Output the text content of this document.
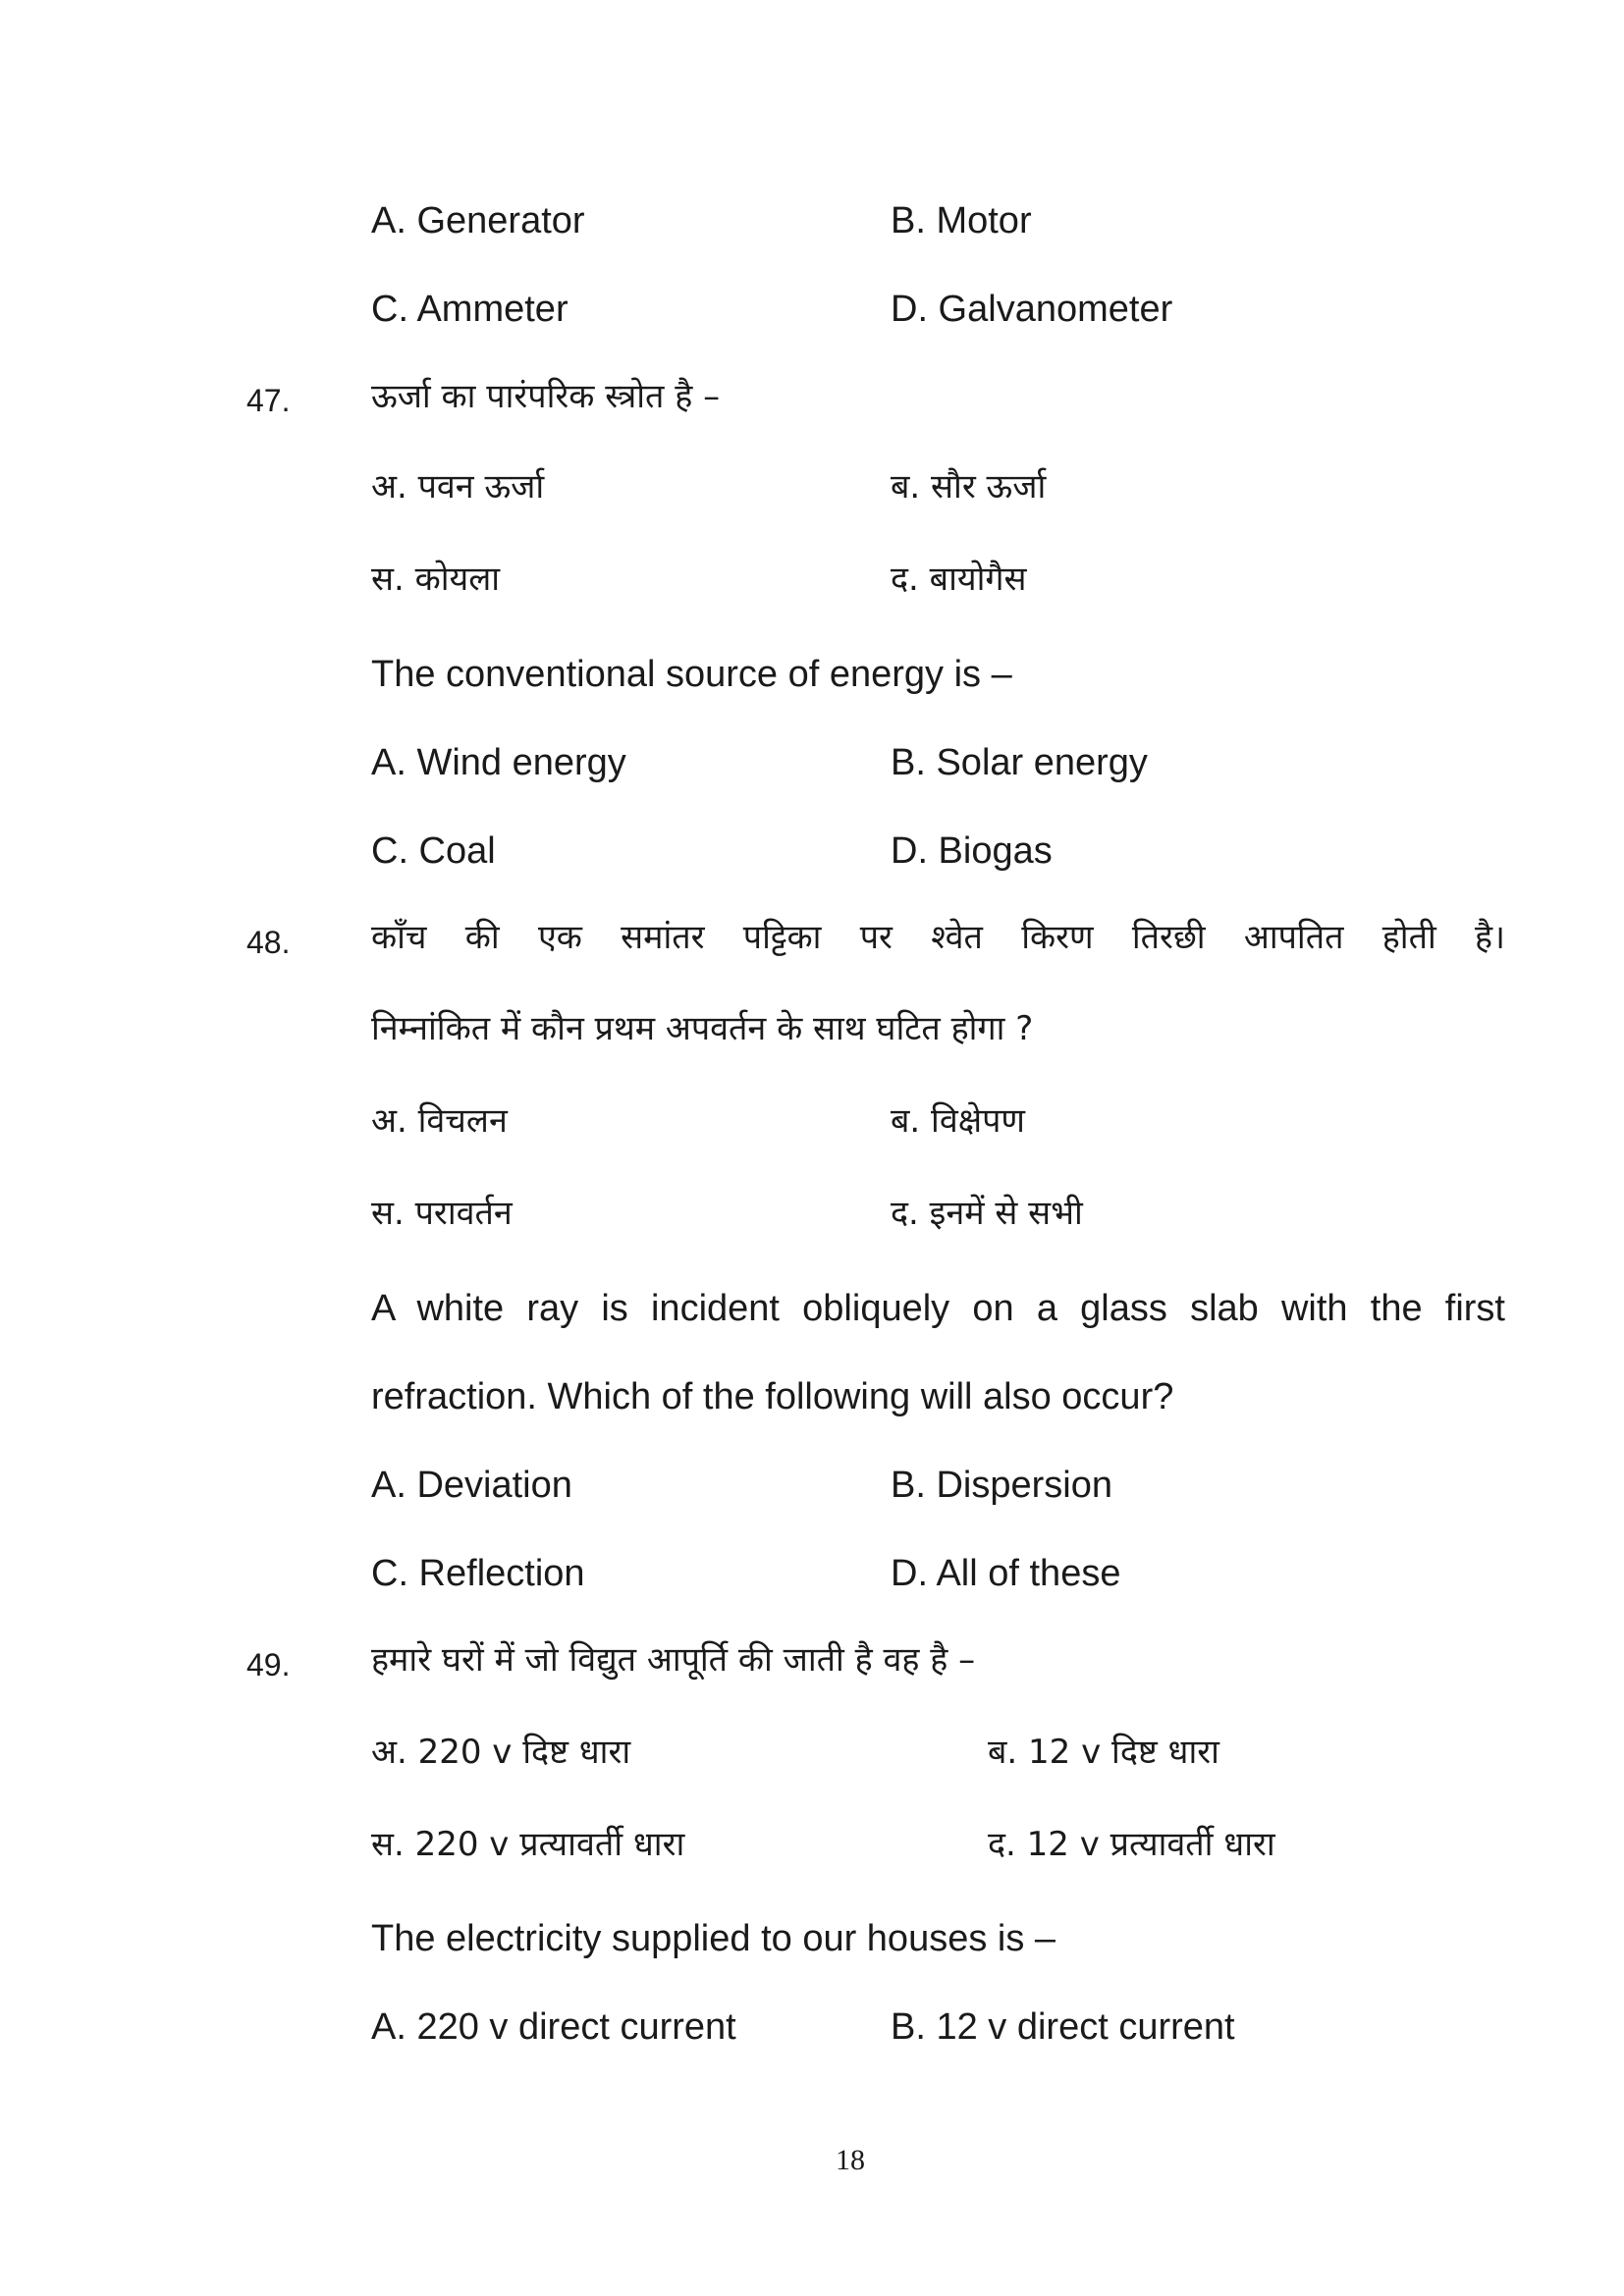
A. Generator	B. Motor
C. Ammeter	D. Galvanometer
47. ऊर्जा का पारंपरिक स्त्रोत है –
अ. पवन ऊर्जा	ब. सौर ऊर्जा
स. कोयला	द. बायोगैस
The conventional source of energy is –
A. Wind energy	B. Solar energy
C. Coal	D. Biogas
48. कॉंच की एक समांतर पट्टिका पर श्वेत किरण तिरछी आपतित होती है।
निम्नांकित में कौन प्रथम अपवर्तन के साथ घटित होगा ?
अ. विचलन	ब. विक्षेपण
स. परावर्तन	द. इनमें से सभी
A white ray is incident obliquely on a glass slab with the first
refraction. Which of the following will also occur?
A. Deviation	B. Dispersion
C. Reflection	D. All of these
49. हमारे घरों में जो विद्युत आपूर्ति की जाती है वह है –
अ. 220 v दिष्ट धारा	ब. 12 v दिष्ट धारा
स. 220 v प्रत्यावर्ती धारा	द. 12 v प्रत्यावर्ती धारा
The electricity supplied to our houses is –
A. 220 v direct current	B. 12 v direct current
18
